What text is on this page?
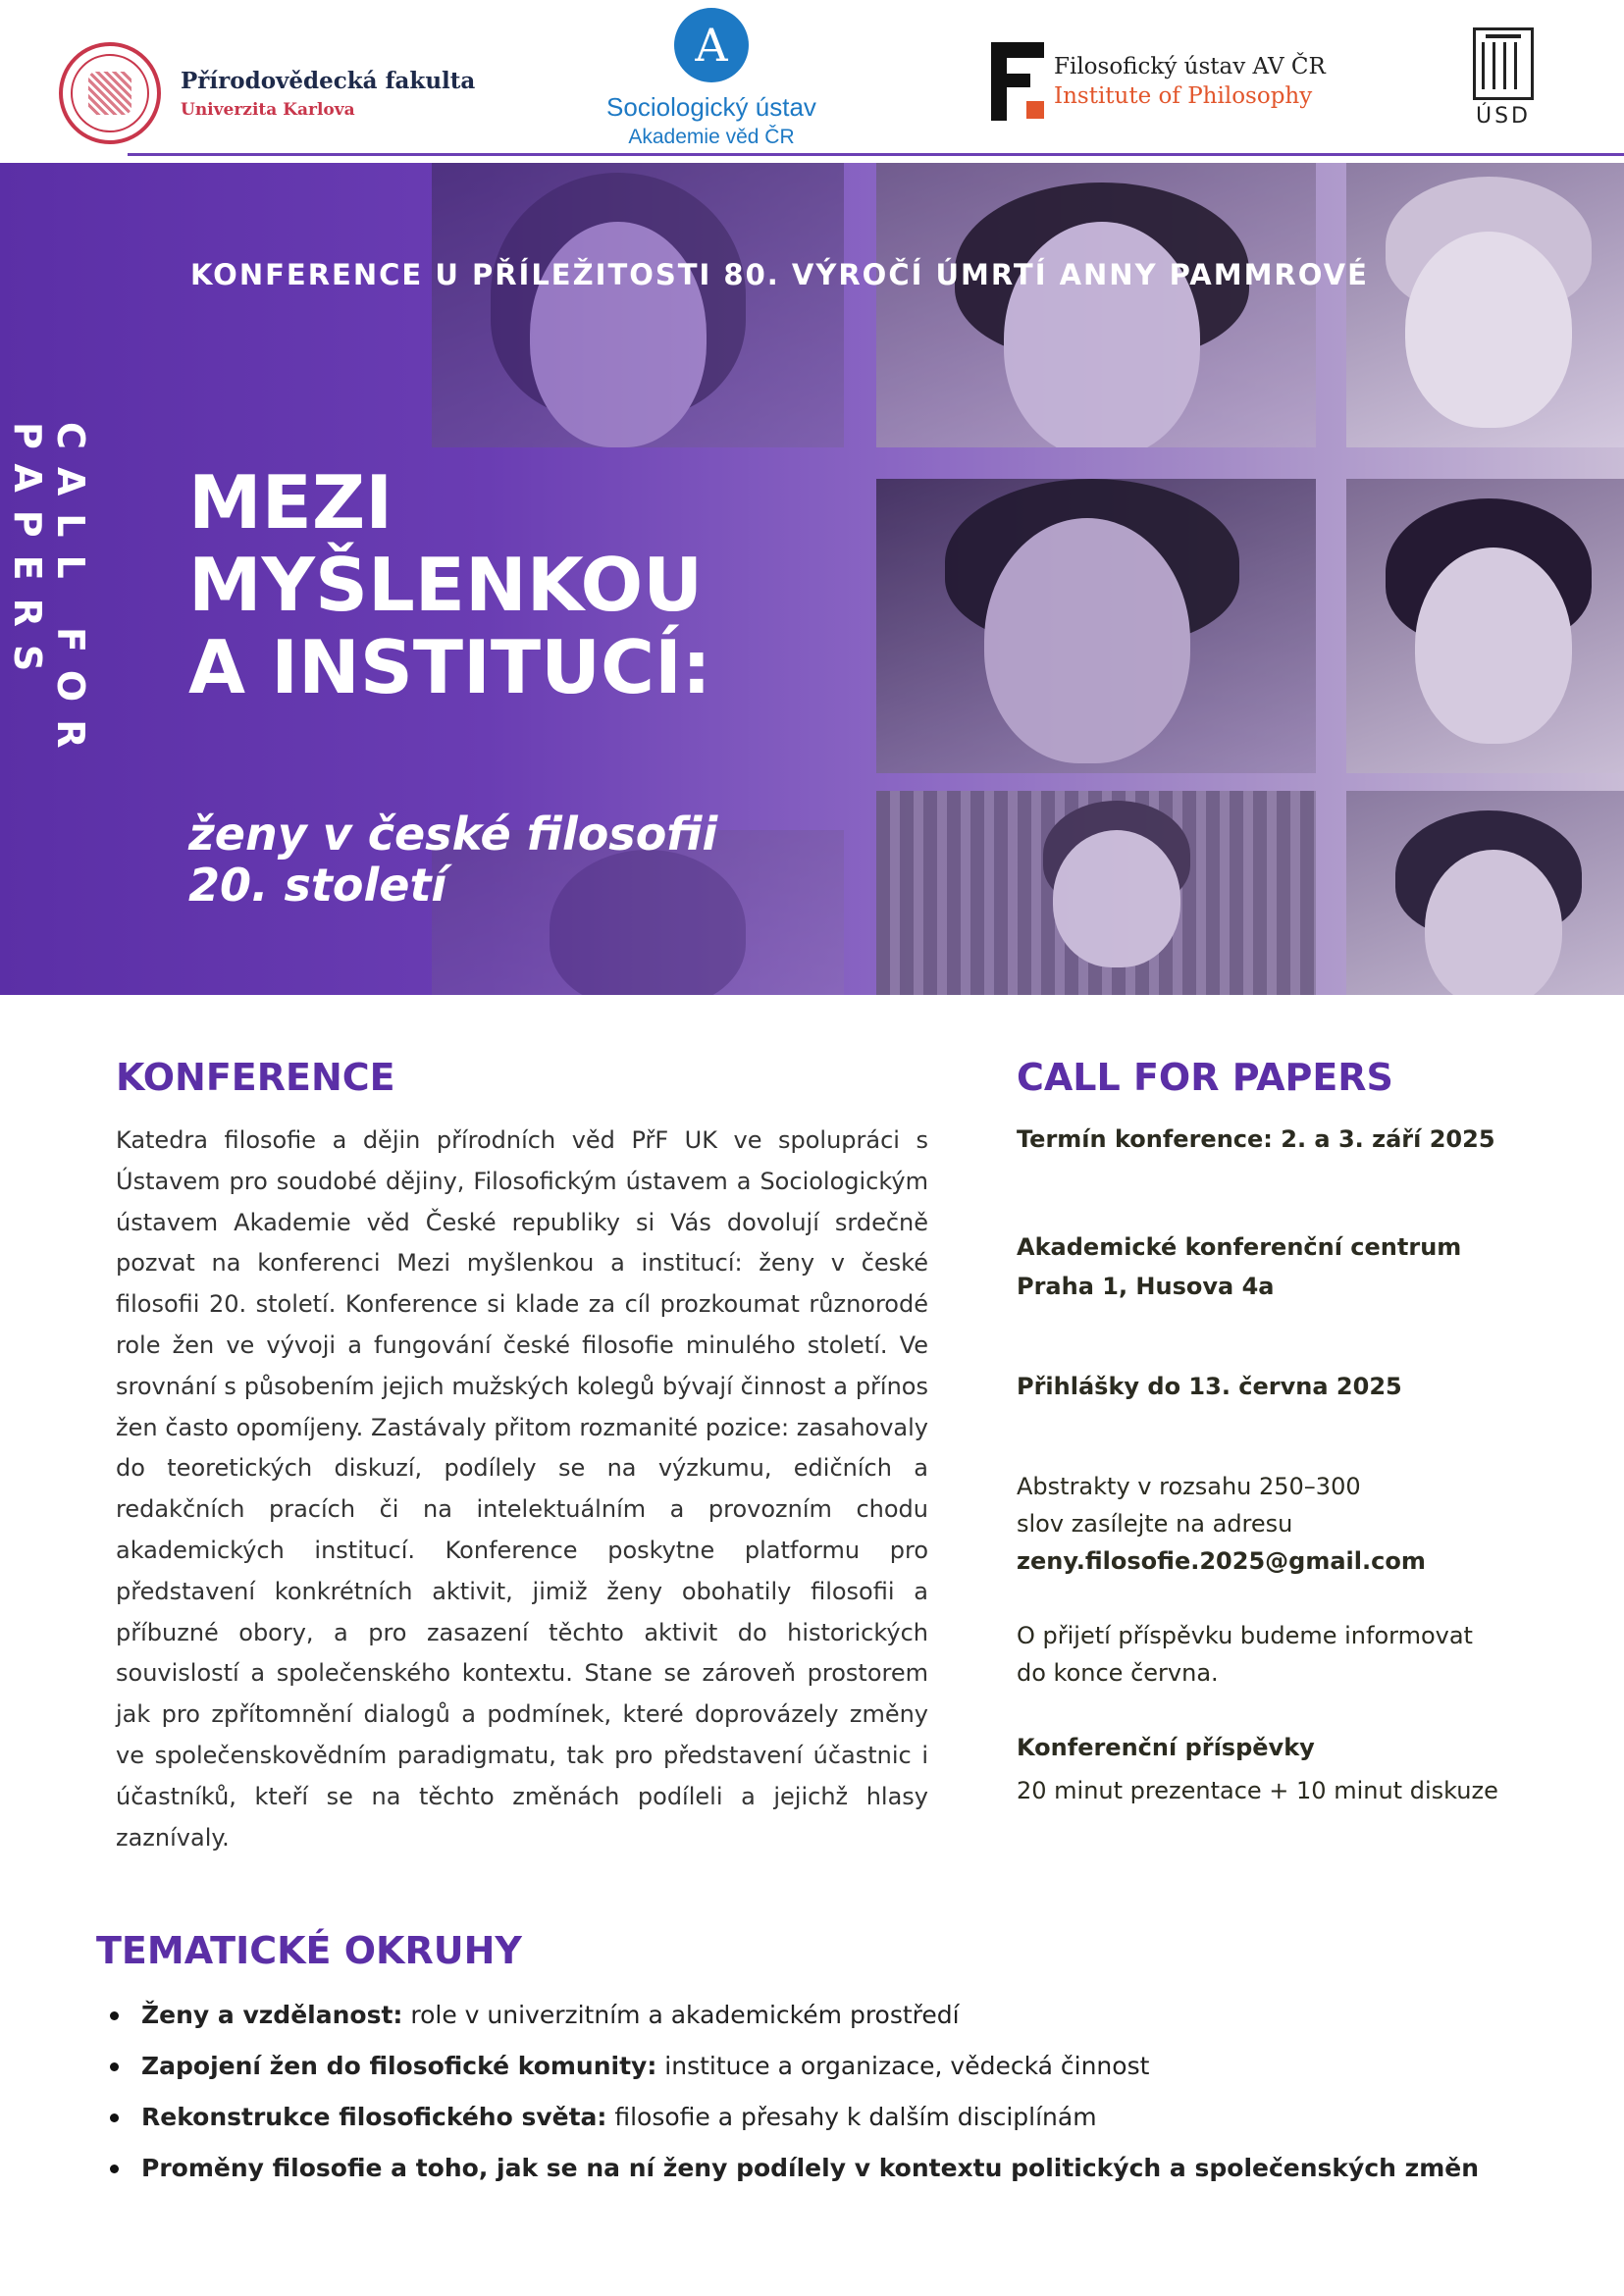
Přírodovědecká fakulta
Univerzita Karlova
A
Sociologický ústav
Akademie věd ČR
Filosofický ústav AV ČR
Institute of Philosophy
ÚSD
CALL FOR PAPERS
KONFERENCE U PŘÍLEŽITOSTI 80. VÝROČÍ ÚMRTÍ ANNY PAMMROVÉ
MEZI
MYŠLENKOU
A INSTITUCÍ:
ženy v české filosofii
20. století
KONFERENCE

Katedra filosofie a dějin přírodních věd PřF UK ve spolupráci s Ústavem pro soudobé dějiny, Filosofickým ústavem a Sociologickým ústavem Akademie věd České republiky si Vás dovolují srdečně pozvat na konferenci Mezi myšlenkou a institucí: ženy v české filosofii 20. století. Konference si klade za cíl prozkoumat různorodé role žen ve vývoji a fungování české filosofie minulého století. Ve srovnání s působením jejich mužských kolegů bývají činnost a přínos žen často opomíjeny. Zastávaly přitom rozmanité pozice: zasahovaly do teoretických diskuzí, podílely se na výzkumu, edičních a redakčních pracích či na intelektuálním a provozním chodu akademických institucí. Konference poskytne platformu pro představení konkrétních aktivit, jimiž ženy obohatily filosofii a příbuzné obory, a pro zasazení těchto aktivit do historických souvislostí a společenského kontextu. Stane se zároveň prostorem jak pro zpřítomnění dialogů a podmínek, které doprovázely změny ve společenskovědním paradigmatu, tak pro představení účastnic i účastníků, kteří se na těchto změnách podíleli a jejichž hlasy zaznívaly.

CALL FOR PAPERS
Termín konference: 2. a 3. září 2025
Akademické konferenční centrum
Praha 1, Husova 4a
Přihlášky do 13. června 2025
Abstrakty v rozsahu 250–300
slov zasílejte na adresu
zeny.filosofie.2025@gmail.com
O přijetí příspěvku budeme informovat
do konce června.
Konferenční příspěvky
20 minut prezentace + 10 minut diskuze
TEMATICKÉ OKRUHY
Ženy a vzdělanost: role v univerzitním a akademickém prostředí
Zapojení žen do filosofické komunity: instituce a organizace, vědecká činnost
Rekonstrukce filosofického světa: filosofie a přesahy k dalším disciplínám
Proměny filosofie a toho, jak se na ní ženy podílely v kontextu politických a společenských změn
